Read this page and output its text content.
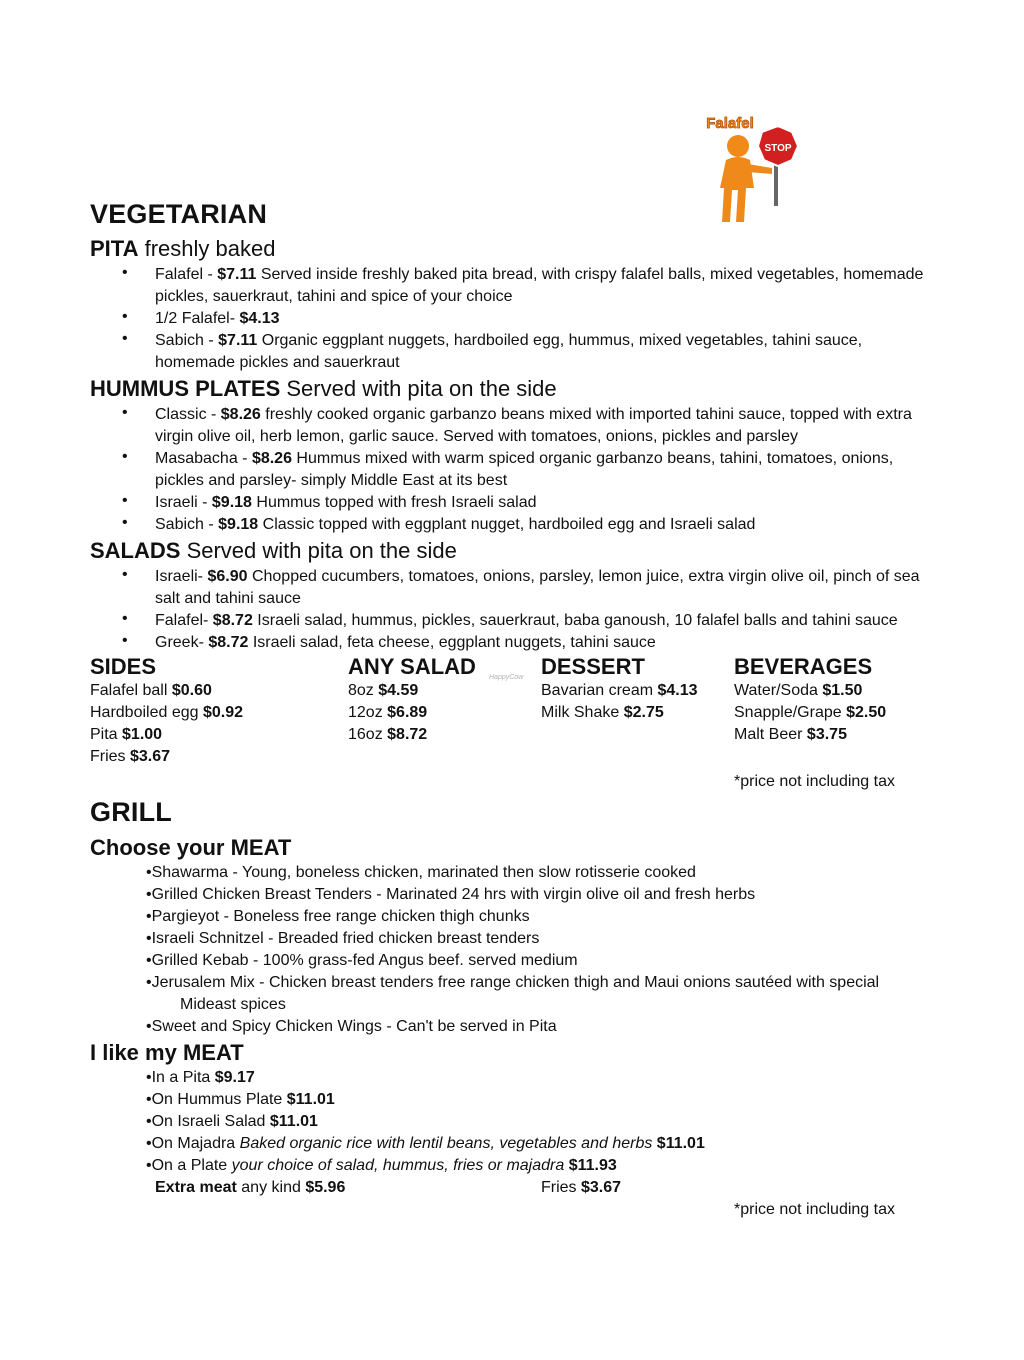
STOP
Falafel
VEGETARIAN
PITA freshly baked
• Falafel - $7.11 Served inside freshly baked pita bread, with crispy falafel balls, mixed vegetables, homemade pickles, sauerkraut, tahini and spice of your choice
• 1/2 Falafel- $4.13
• Sabich - $7.11 Organic eggplant nuggets, hardboiled egg, hummus, mixed vegetables, tahini sauce, homemade pickles and sauerkraut
HUMMUS PLATES Served with pita on the side
• Classic - $8.26 freshly cooked organic garbanzo beans mixed with imported tahini sauce, topped with extra virgin olive oil, herb lemon, garlic sauce. Served with tomatoes, onions, pickles and parsley
• Masabacha - $8.26 Hummus mixed with warm spiced organic garbanzo beans, tahini, tomatoes, onions, pickles and parsley- simply Middle East at its best
• Israeli - $9.18 Hummus topped with fresh Israeli salad
• Sabich - $9.18 Classic topped with eggplant nugget, hardboiled egg and Israeli salad
SALADS Served with pita on the side
• Israeli- $6.90 Chopped cucumbers, tomatoes, onions, parsley, lemon juice, extra virgin olive oil, pinch of sea salt and tahini sauce
• Falafel- $8.72 Israeli salad, hummus, pickles, sauerkraut, baba ganoush, 10 falafel balls and tahini sauce
• Greek- $8.72 Israeli salad, feta cheese, eggplant nuggets, tahini sauce
SIDES
Falafel ball $0.60
Hardboiled egg $0.92
Pita $1.00
Fries $3.67
ANY SALAD
8oz $4.59
12oz $6.89
16oz $8.72
HappyCow DESSERT
Bavarian cream $4.13
Milk Shake $2.75
BEVERAGES
Water/Soda $1.50
Snapple/Grape $2.50
Malt Beer $3.75
*price not including tax
GRILL
Choose your MEAT
•Shawarma - Young, boneless chicken, marinated then slow rotisserie cooked
•Grilled Chicken Breast Tenders - Marinated 24 hrs with virgin olive oil and fresh herbs
•Pargieyot - Boneless free range chicken thigh chunks
•Israeli Schnitzel - Breaded fried chicken breast tenders
•Grilled Kebab - 100% grass-fed Angus beef. served medium
•Jerusalem Mix - Chicken breast tenders free range chicken thigh and Maui onions sautéed with special
Mideast spices
•Sweet and Spicy Chicken Wings - Can't be served in Pita
I like my MEAT
•In a Pita $9.17
•On Hummus Plate $11.01
•On Israeli Salad $11.01
•On Majadra Baked organic rice with lentil beans, vegetables and herbs $11.01
•On a Plate your choice of salad, hummus, fries or majadra $11.93
Extra meat any kind $5.96	Fries $3.67
*price not including tax
